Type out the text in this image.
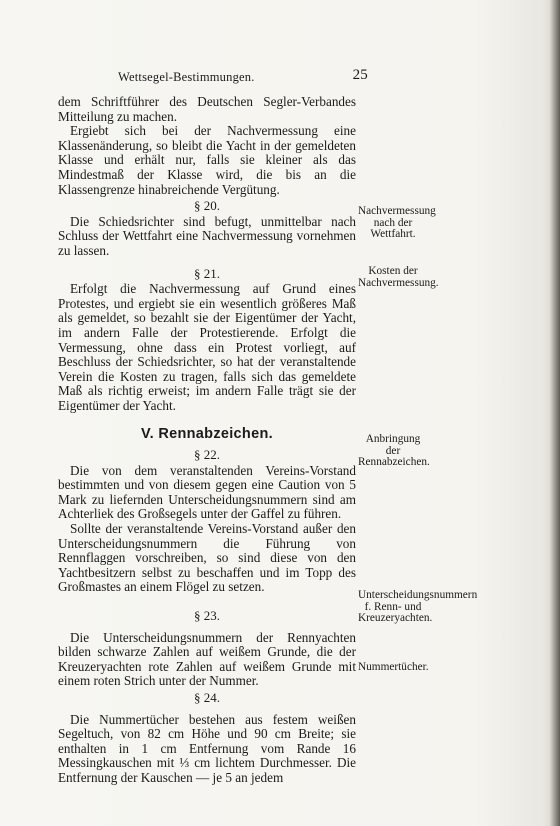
Wettsegel-Bestimmungen.	25

dem Schriftführer des Deutschen Segler-Verbandes Mitteilung zu machen.

Ergiebt sich bei der Nachvermessung eine Klassenänderung, so bleibt die Yacht in der gemeldeten Klasse und erhält nur, falls sie kleiner als das Mindestmaß der Klasse wird, die bis an die Klassengrenze hinabreichende Vergütung.

§ 20.

Die Schiedsrichter sind befugt, unmittelbar nach Schluss der Wettfahrt eine Nachvermessung vornehmen zu lassen.

§ 21.

Erfolgt die Nachvermessung auf Grund eines Protestes, und ergiebt sie ein wesentlich größeres Maß als gemeldet, so bezahlt sie der Eigentümer der Yacht, im andern Falle der Protestierende. Erfolgt die Vermessung, ohne dass ein Protest vorliegt, auf Beschluss der Schiedsrichter, so hat der veranstaltende Verein die Kosten zu tragen, falls sich das gemeldete Maß als richtig erweist; im andern Falle trägt sie der Eigentümer der Yacht.

V. Rennabzeichen.
§ 22.

Die von dem veranstaltenden Vereins-Vorstand bestimmten und von diesem gegen eine Caution von 5 Mark zu liefernden Unterscheidungsnummern sind am Achterliek des Großsegels unter der Gaffel zu führen.

Sollte der veranstaltende Vereins-Vorstand außer den Unterscheidungsnummern die Führung von Rennflaggen vorschreiben, so sind diese von den Yachtbesitzern selbst zu beschaffen und im Topp des Großmastes an einem Flögel zu setzen.

§ 23.

Die Unterscheidungsnummern der Rennyachten bilden schwarze Zahlen auf weißem Grunde, die der Kreuzeryachten rote Zahlen auf weißem Grunde mit einem roten Strich unter der Nummer.

§ 24.

Die Nummertücher bestehen aus festem weißen Segeltuch, von 82 cm Höhe und 90 cm Breite; sie enthalten in 1 cm Entfernung vom Rande 16 Messingkauschen mit ⅓ cm lichtem Durchmesser. Die Entfernung der Kauschen — je 5 an jedem

Nachvermessung nach der Wettfahrt.
Kosten der Nachvermessung.
Anbringung der Rennabzeichen.
Unterscheidungsnummern f. Renn- und Kreuzeryachten.
Nummertücher.
